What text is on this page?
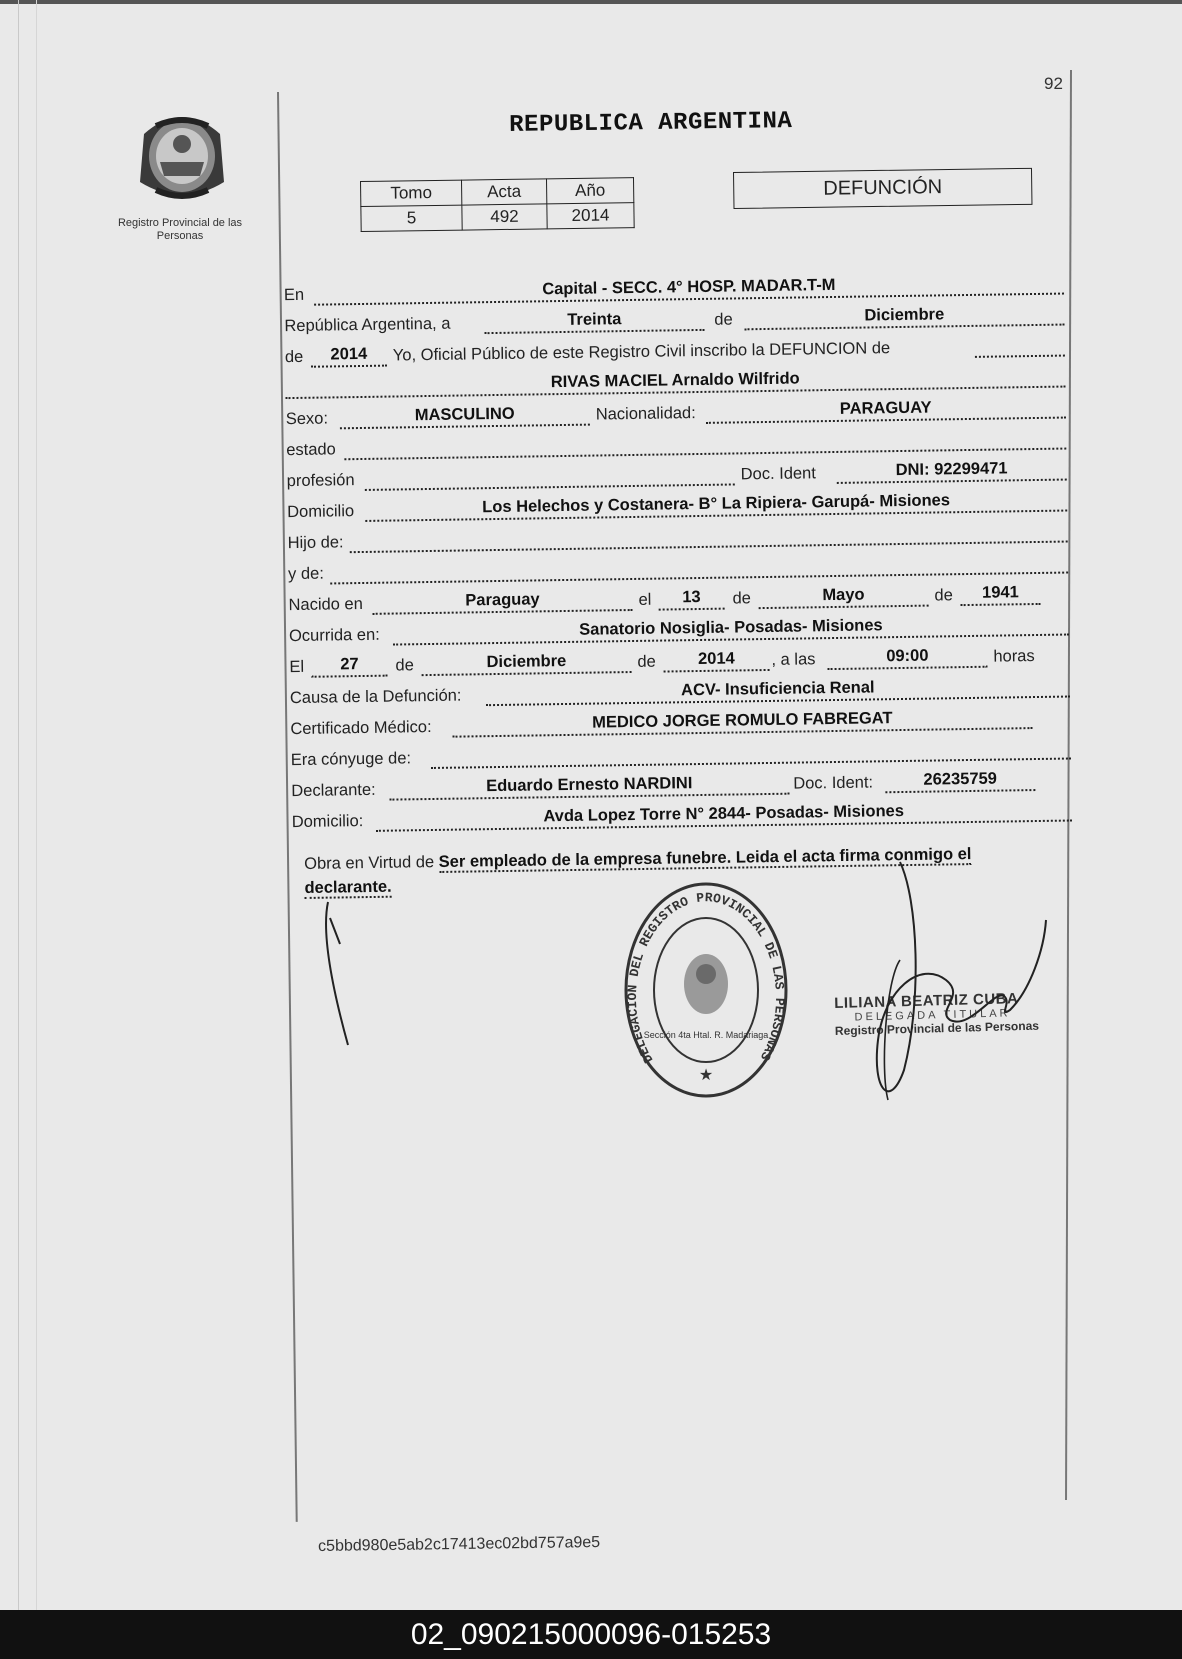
92
Registro Provincial de las Personas
REPUBLICA ARGENTINA
Tomo	Acta	Año
5	492	2014
DEFUNCIÓN
En	Capital - SECC. 4° HOSP. MADAR.T-M
República Argentina, a	Treinta	de	Diciembre
de	2014	Yo, Oficial Público de este Registro Civil inscribo la DEFUNCION de
RIVAS MACIEL Arnaldo Wilfrido
Sexo:	MASCULINO	Nacionalidad:	PARAGUAY
estado
profesión	Doc. Ident	DNI: 92299471
Domicilio	Los Helechos y Costanera- B° La Ripiera- Garupá- Misiones
Hijo de:
y de:
Nacido en	Paraguay	el	13	de	Mayo	de	1941
Ocurrida en:	Sanatorio Nosiglia- Posadas- Misiones
El	27	de	Diciembre	de	2014	, a las	09:00	horas
Causa de la Defunción:	ACV- Insuficiencia Renal
Certificado Médico:	MEDICO JORGE ROMULO FABREGAT
Era cónyuge de:
Declarante:	Eduardo Ernesto NARDINI	Doc. Ident:	26235759
Domicilio:	Avda Lopez Torre N° 2844- Posadas- Misiones
Obra en Virtud de Ser empleado de la empresa funebre. Leida el acta firma conmigo el
declarante.
DELEGACION DEL REGISTRO PROVINCIAL DE LAS PERSONAS
Sección 4ta Htal. R. Madariaga
★
LILIANA BEATRIZ CUBA
DELEGADA TITULAR
Registro Provincial de las Personas
c5bbd980e5ab2c17413ec02bd757a9e5
02_090215000096-015253
